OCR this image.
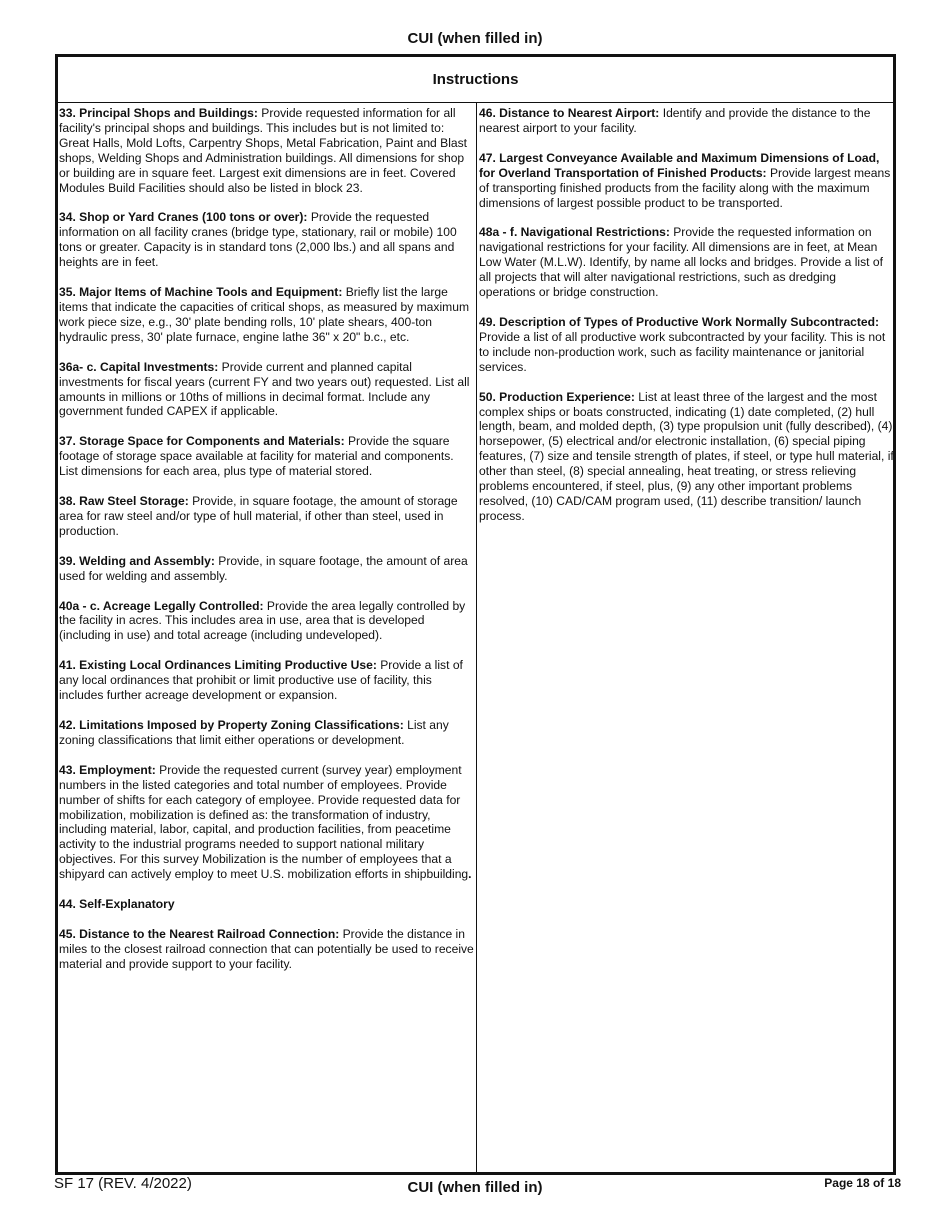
CUI (when filled in)
Instructions
33. Principal Shops and Buildings: Provide requested information for all facility's principal shops and buildings. This includes but is not limited to: Great Halls, Mold Lofts, Carpentry Shops, Metal Fabrication, Paint and Blast shops, Welding Shops and Administration buildings. All dimensions for shop or building are in square feet. Largest exit dimensions are in feet. Covered Modules Build Facilities should also be listed in block 23.
34. Shop or Yard Cranes (100 tons or over): Provide the requested information on all facility cranes (bridge type, stationary, rail or mobile) 100 tons or greater. Capacity is in standard tons (2,000 lbs.) and all spans and heights are in feet.
35. Major Items of Machine Tools and Equipment: Briefly list the large items that indicate the capacities of critical shops, as measured by maximum work piece size, e.g., 30' plate bending rolls, 10' plate shears, 400-ton hydraulic press, 30' plate furnace, engine lathe 36" x 20" b.c., etc.
36a- c. Capital Investments: Provide current and planned capital investments for fiscal years (current FY and two years out) requested. List all amounts in millions or 10ths of millions in decimal format. Include any government funded CAPEX if applicable.
37. Storage Space for Components and Materials: Provide the square footage of storage space available at facility for material and components. List dimensions for each area, plus type of material stored.
38. Raw Steel Storage: Provide, in square footage, the amount of storage area for raw steel and/or type of hull material, if other than steel, used in production.
39. Welding and Assembly: Provide, in square footage, the amount of area used for welding and assembly.
40a - c. Acreage Legally Controlled: Provide the area legally controlled by the facility in acres. This includes area in use, area that is developed (including in use) and total acreage (including undeveloped).
41. Existing Local Ordinances Limiting Productive Use: Provide a list of any local ordinances that prohibit or limit productive use of facility, this includes further acreage development or expansion.
42. Limitations Imposed by Property Zoning Classifications: List any zoning classifications that limit either operations or development.
43. Employment: Provide the requested current (survey year) employment numbers in the listed categories and total number of employees. Provide number of shifts for each category of employee. Provide requested data for mobilization, mobilization is defined as: the transformation of industry, including material, labor, capital, and production facilities, from peacetime activity to the industrial programs needed to support national military objectives. For this survey Mobilization is the number of employees that a shipyard can actively employ to meet U.S. mobilization efforts in shipbuilding.
44. Self-Explanatory
45. Distance to the Nearest Railroad Connection: Provide the distance in miles to the closest railroad connection that can potentially be used to receive material and provide support to your facility.
46. Distance to Nearest Airport: Identify and provide the distance to the nearest airport to your facility.
47. Largest Conveyance Available and Maximum Dimensions of Load, for Overland Transportation of Finished Products: Provide largest means of transporting finished products from the facility along with the maximum dimensions of largest possible product to be transported.
48a - f. Navigational Restrictions: Provide the requested information on navigational restrictions for your facility. All dimensions are in feet, at Mean Low Water (M.L.W). Identify, by name all locks and bridges. Provide a list of all projects that will alter navigational restrictions, such as dredging operations or bridge construction.
49. Description of Types of Productive Work Normally Subcontracted: Provide a list of all productive work subcontracted by your facility. This is not to include non-production work, such as facility maintenance or janitorial services.
50. Production Experience: List at least three of the largest and the most complex ships or boats constructed, indicating (1) date completed, (2) hull length, beam, and molded depth, (3) type propulsion unit (fully described), (4) horsepower, (5) electrical and/or electronic installation, (6) special piping features, (7) size and tensile strength of plates, if steel, or type hull material, if other than steel, (8) special annealing, heat treating, or stress relieving problems encountered, if steel, plus, (9) any other important problems resolved, (10) CAD/CAM program used, (11) describe transition/ launch process.
SF 17 (REV. 4/2022)	CUI (when filled in)	Page 18 of 18
